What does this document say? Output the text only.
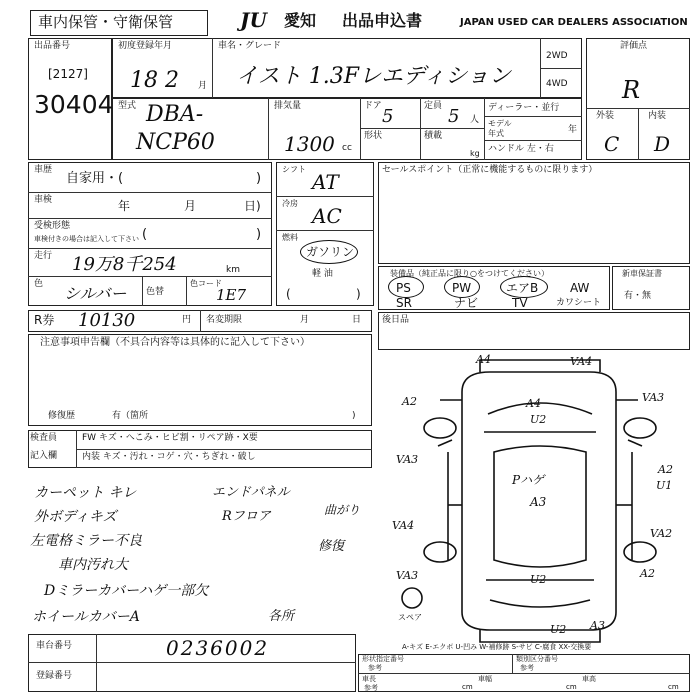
車内保管・守衛保管	JU 愛知 出品申込書	JAPAN USED CAR DEALERS ASSOCIATION
出品番号
[2127]
30404
初度登録年月
18 2 月
車名・グレード
イスト 1.3Fレエディション
2WD
4WD
型式 DBA-
NCP60
排気量
1300 cc
ドア 5	定員 5 人
形状	積載
kg
ディーラー・並行
モデル
年式	年
ハンドル 左・右
評価点
R
外装	内装
C D
車歴
自家用・(	)
車検	年	月	日)
受検形態
車検付きの場合は記入して下さい (	)
走行 19万8千254	km
色 シルバー 色替
色コード
1E7
シフト
AT
冷房
AC
燃料
ガソリン
軽 油
(	)
セールスポイント（正常に機能するものに限ります）
装備品（純正品に限り○をつけてください）
PS	PW	エアB	AW
SR	ナビ	TV	カワシート
新車保証書
有・無
R券 10130	円 名変期限	月	日 後日品
注意事項申告欄（不具合内容等は具体的に記入して下さい）
修復歴	有（箇所	)
検査員
記入欄
FW キズ・へこみ・ヒビ割・リペア跡・X要
内装 キズ・汚れ・コゲ・穴・ちぎれ・破し
カーペット キレ
外ボディキズ
左電格ミラー不良
車内汚れ大
Dミラーカバーハゲ一部欠
ホイールカバーA
エンドパネル
Rフロア	曲がり
修復
各所
A4	VA4
A2	A4
U2
VA3
VA3
A2
U1
Pハゲ
A3
VA4
VA2
VA3	U2	A2
スペア
U2 A3
A-キズ E-エクボ U-凹み W-補修跡 S-サビ C-腐食 XX-交換要
車台番号	0236002
登録番号
形状指定番号
参考
類別区分番号
参考
車長
参考	cm
車幅
cm
車高
cm
